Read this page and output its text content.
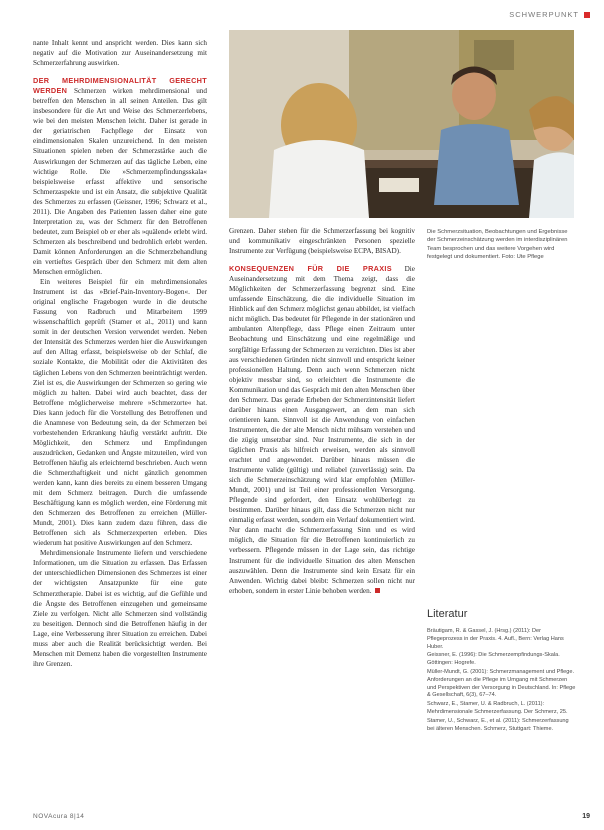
SCHWERPUNKT

nante Inhalt kennt und anspricht werden. Dies kann sich negativ auf die Motivation zur Auseinandersetzung mit Schmerzerfahrung auswirken.

DER MEHRDIMENSIONALITÄT GERECHT WERDEN Schmerzen wirken mehrdimensional und betreffen den Menschen in all seinen Anteilen. Das gilt insbesondere für die Art und Weise des Schmerzerlebens, wie bei den meisten Menschen leicht. Daher ist gerade in der geriatrischen Fachpflege der Einsatz von eindimensionalen Skalen unzureichend. In den meisten Situationen spielen neben der Schmerzstärke auch die Auswirkungen der Schmerzen auf das tägliche Leben, eine wichtige Rolle. Die »Schmerzempfindungsskala« beispielsweise erfasst affektive und sensorische Schmerzaspekte und ist ein Ansatz, die subjektive Qualität des Schmerzes zu erfassen (Geissner, 1996; Schwarz et al., 2011). Die Angaben des Patienten lassen daher eine gute Interpretation zu, was der Schmerz für den Betroffenen bedeutet, zum Beispiel ob er eher als »quälend« erlebt wird. Schmerzen als beschreibend und bedrohlich erlebt werden. Damit können Anforderungen an die Schmerzbehandlung ein vertieftes Gespräch über den Schmerz mit dem alten Menschen ermöglichen.

Ein weiteres Beispiel für ein mehrdimensionales Instrument ist das »Brief-Pain-Inventory-Bogen«. Der original englische Fragebogen wurde in die deutsche Fassung von Radbruch und Mitarbeitern 1999 wissenschaftlich geprüft (Stamer et al., 2011) und kann somit in der deutschen Version verwendet werden. Neben der Intensität des Schmerzes werden hier die Auswirkungen auf den Alltag erfasst, beispielsweise ob der Schlaf, die soziale Kontakte, die Mobilität oder die Aktivitäten des täglichen Lebens von den Schmerzen beeinträchtigt werden. Ziel ist es, die Auswirkungen der Schmerzen so gering wie möglich zu halten. Dabei wird auch beachtet, dass der Betroffene möglicherweise mehrere »Schmerzorte« hat. Dies kann jedoch für die Vorstellung des Betroffenen und die Anamnese von Bedeutung sein, da der Schmerzen bei vorbestehenden Erkrankung häufig verstärkt auftritt. Die Möglichkeit, den Schmerz und Empfindungen auszudrücken, Gedanken und Ängste mitzuteilen, wird von Betroffenen häufig als erleichternd beschrieben. Auch wenn die Schmerzhaftigkeit und nicht gänzlich genommen werden kann, kann dies bereits zu einem besseren Umgang mit dem Schmerz beitragen. Durch die umfassende Beschäftigung kann es möglich werden, eine Förderung mit den Schmerzen des Betroffenen zu erreichen (Müller-Mundt, 2001). Dies kann zudem dazu führen, dass die Betroffenen sich als Schmerzexperten erleben. Dies wiederum hat positive Auswirkungen auf den Schmerz.

Mehrdimensionale Instrumente liefern und verschiedene Informationen, um die Situation zu erfassen. Das Erfassen der unterschiedlichen Dimensionen des Schmerzes ist einer der wichtigsten Ansatzpunkte für eine gute Schmerztherapie. Dabei ist es wichtig, auf die Gefühle und die Ängste des Betroffenen einzugehen und gemeinsame Ziele zu verfolgen. Nicht alle Schmerzen sind vollständig zu beseitigen. Dennoch sind die Betroffenen häufig in der Lage, eine Verbesserung ihrer Situation zu erreichen. Dabei muss aber auch die Realität berücksichtigt werden. Bei Menschen mit Demenz haben die vorgestellten Instrumente ihre Grenzen.

Grenzen. Daher stehen für die Schmerzerfassung bei kognitiv und kommunikativ eingeschränkten Personen spezielle Instrumente zur Verfügung (beispielsweise ECPA, BISAD).

KONSEQUENZEN FÜR DIE PRAXIS Die Auseinandersetzung mit dem Thema zeigt, dass die Möglichkeiten der Schmerzerfassung begrenzt sind. Eine umfassende Einschätzung, die die individuelle Situation im Hinblick auf den Schmerz möglichst genau abbildet, ist vielfach nicht möglich. Das bedeutet für Pflegende in der stationären und ambulanten Altenpflege, dass Pflege einen Zeitraum unter Beobachtung und Einschätzung und eine regelmäßige und sorgfältige Erfassung der Schmerzen zu verzichten. Dies ist aber aus verschiedenen Gründen nicht sinnvoll und entspricht keiner professionellen Haltung. Denn auch wenn Schmerzen nicht objektiv messbar sind, so erleichtert die Instrumente die Kommunikation und das Gespräch mit den alten Menschen über den Schmerz. Das gerade Erheben der Schmerzintensität liefert darüber hinaus einen Ausgangswert, an dem man sich orientieren kann. Sinnvoll ist die Anwendung von einfachen Instrumenten, die der alte Mensch nicht mühsam verstehen und die zügig umsetzbar sind. Nur Instrumente, die sich in der täglichen Praxis als hilfreich erweisen, werden als sinnvoll erachtet und angewendet. Darüber hinaus müssen die Instrumente valide (gültig) und reliabel (zuverlässig) sein. Da sich die Schmerzeinschätzung wird klar empfohlen (Müller-Mundt, 2001) und ist Teil einer professionellen Versorgung. Pflegende sind gefordert, den Einsatz wohlüberlegt zu bestimmen. Darüber hinaus gilt, dass die Schmerzen nicht nur einmalig erfasst werden, sondern ein Verlauf dokumentiert wird. Nur dann macht die Schmerzerfassung Sinn und es wird möglich, die Situation für die Betroffenen kontinuierlich zu verbessern. Pflegende müssen in der Lage sein, das richtige Instrument für die individuelle Situation des alten Menschen auszuwählen. Denn die Instrumente sind kein Ersatz für ein Anwenden. Wichtig dabei bleibt: Schmerzen sollen nicht nur erhoben, sondern in erster Linie behoben werden.

Die Schmerzsituation, Beobachtungen und Ergebnisse der Schmerzeinschätzung werden im interdisziplinären Team besprochen und das weitere Vorgehen wird festgelegt und dokumentiert. Foto: Ute Pflege
Literatur
Bräutigam, R. & Gassel, J. (Hrsg.) (2011): Der Pflegeprozess in der Praxis. 4. Aufl., Bern: Verlag Hans Huber.
Geissner, E. (1996): Die Schmerzempfindungs-Skala. Göttingen: Hogrefe.
Müller-Mundt, G. (2001): Schmerzmanagement und Pflege. Anforderungen an die Pflege im Umgang mit Schmerzen und Perspektiven der Versorgung in Deutschland. In: Pflege & Gesellschaft, 6(3), 67–74.
Schwarz, E., Stamer, U. & Radbruch, L. (2011): Mehrdimensionale Schmerzerfassung. Der Schmerz, 25.
Stamer, U., Schwarz, E., et al. (2011): Schmerzerfassung bei älteren Menschen. Schmerz, Stuttgart: Thieme.
NOVAcura 8|14	19
